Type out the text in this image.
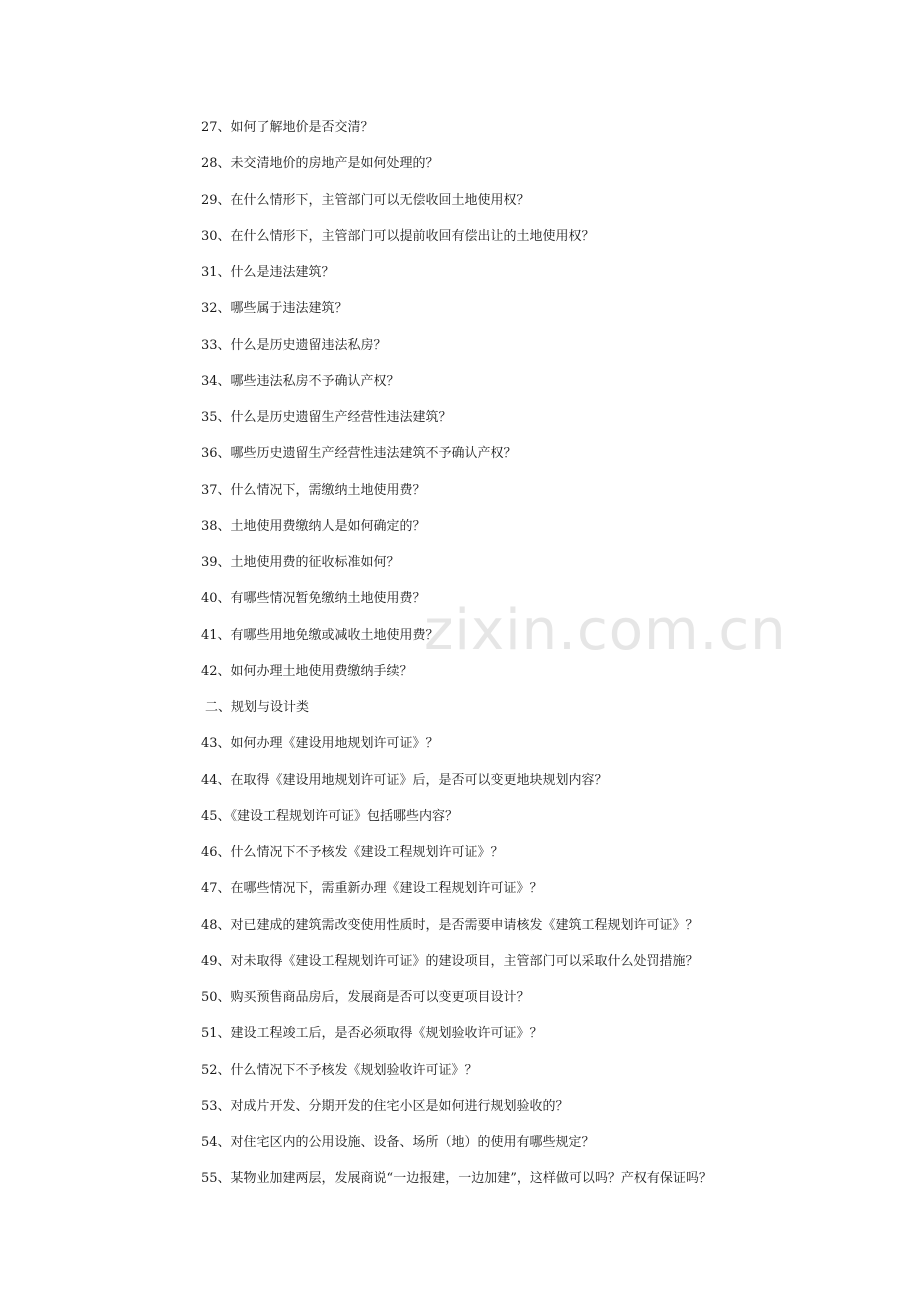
zixin.com.cn
27、如何了解地价是否交清？
28、未交清地价的房地产是如何处理的？
29、在什么情形下，主管部门可以无偿收回土地使用权？
30、在什么情形下，主管部门可以提前收回有偿出让的土地使用权？
31、什么是违法建筑？
32、哪些属于违法建筑？
33、什么是历史遗留违法私房？
34、哪些违法私房不予确认产权？
35、什么是历史遗留生产经营性违法建筑？
36、哪些历史遗留生产经营性违法建筑不予确认产权？
37、什么情况下，需缴纳土地使用费？
38、土地使用费缴纳人是如何确定的？
39、土地使用费的征收标准如何？
40、有哪些情况暂免缴纳土地使用费？
41、有哪些用地免缴或减收土地使用费？
42、如何办理土地使用费缴纳手续？
二、规划与设计类
43、如何办理《建设用地规划许可证》？
44、在取得《建设用地规划许可证》后，是否可以变更地块规划内容？
45、《建设工程规划许可证》包括哪些内容？
46、什么情况下不予核发《建设工程规划许可证》？
47、在哪些情况下，需重新办理《建设工程规划许可证》？
48、对已建成的建筑需改变使用性质时，是否需要申请核发《建筑工程规划许可证》？
49、对未取得《建设工程规划许可证》的建设项目，主管部门可以采取什么处罚措施？
50、购买预售商品房后，发展商是否可以变更项目设计？
51、建设工程竣工后，是否必须取得《规划验收许可证》？
52、什么情况下不予核发《规划验收许可证》？
53、对成片开发、分期开发的住宅小区是如何进行规划验收的？
54、对住宅区内的公用设施、设备、场所（地）的使用有哪些规定？
55、某物业加建两层，发展商说“一边报建，一边加建”，这样做可以吗？产权有保证吗？
